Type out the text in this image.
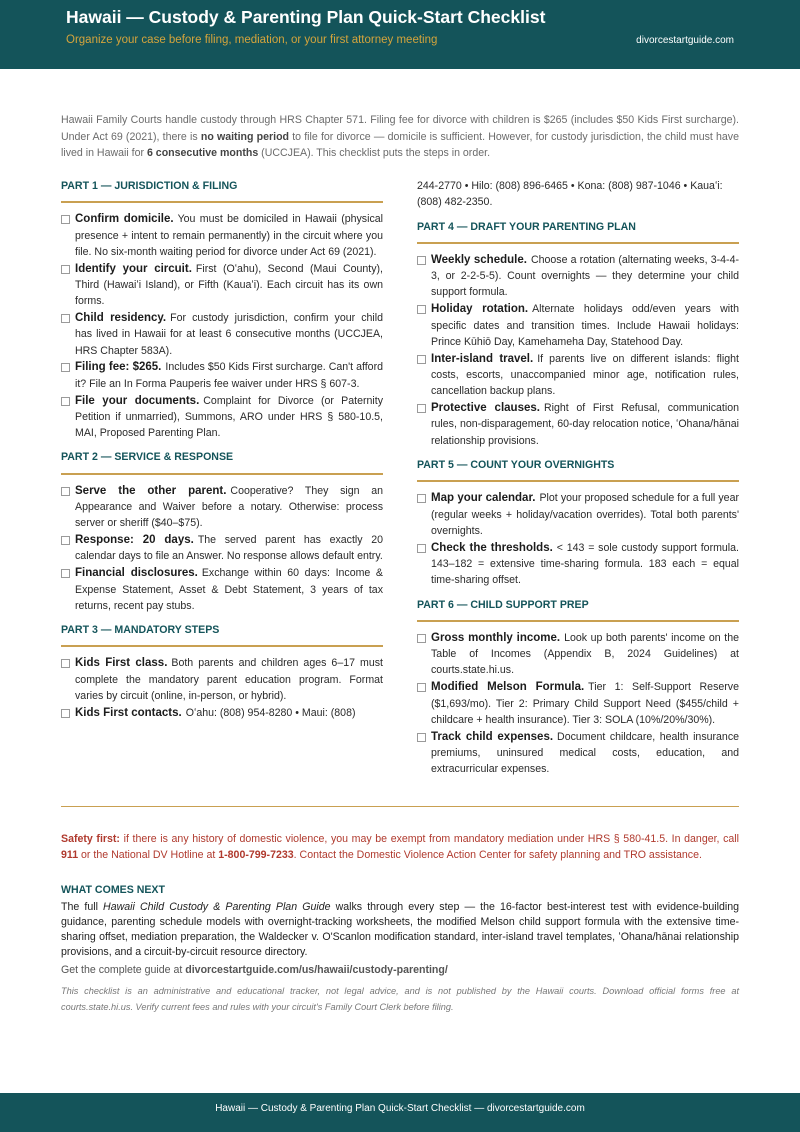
Hawaii — Custody & Parenting Plan Quick-Start Checklist
Organize your case before filing, mediation, or your first attorney meeting	divorcestartguide.com
Hawaii Family Courts handle custody through HRS Chapter 571. Filing fee for divorce with children is $265 (includes $50 Kids First surcharge). Under Act 69 (2021), there is no waiting period to file for divorce — domicile is sufficient. However, for custody jurisdiction, the child must have lived in Hawaii for 6 consecutive months (UCCJEA). This checklist puts the steps in order.
PART 1 — JURISDICTION & FILING
Confirm domicile. You must be domiciled in Hawaii (physical presence + intent to remain permanently) in the circuit where you file. No six-month waiting period for divorce under Act 69 (2021).
Identify your circuit. First (Oʻahu), Second (Maui County), Third (Hawaiʻi Island), or Fifth (Kauaʻi). Each circuit has its own forms.
Child residency. For custody jurisdiction, confirm your child has lived in Hawaii for at least 6 consecutive months (UCCJEA, HRS Chapter 583A).
Filing fee: $265. Includes $50 Kids First surcharge. Can't afford it? File an In Forma Pauperis fee waiver under HRS § 607-3.
File your documents. Complaint for Divorce (or Paternity Petition if unmarried), Summons, ARO under HRS § 580-10.5, MAI, Proposed Parenting Plan.
PART 2 — SERVICE & RESPONSE
Serve the other parent. Cooperative? They sign an Appearance and Waiver before a notary. Otherwise: process server or sheriff ($40–$75).
Response: 20 days. The served parent has exactly 20 calendar days to file an Answer. No response allows default entry.
Financial disclosures. Exchange within 60 days: Income & Expense Statement, Asset & Debt Statement, 3 years of tax returns, recent pay stubs.
PART 3 — MANDATORY STEPS
Kids First class. Both parents and children ages 6–17 must complete the mandatory parent education program. Format varies by circuit (online, in-person, or hybrid).
Kids First contacts. Oʻahu: (808) 954-8280 • Maui: (808)
244-2770 • Hilo: (808) 896-6465 • Kona: (808) 987-1046 • Kauaʻi: (808) 482-2350.
PART 4 — DRAFT YOUR PARENTING PLAN
Weekly schedule. Choose a rotation (alternating weeks, 3-4-4-3, or 2-2-5-5). Count overnights — they determine your child support formula.
Holiday rotation. Alternate holidays odd/even years with specific dates and transition times. Include Hawaii holidays: Prince Kūhiō Day, Kamehameha Day, Statehood Day.
Inter-island travel. If parents live on different islands: flight costs, escorts, unaccompanied minor age, notification rules, cancellation backup plans.
Protective clauses. Right of First Refusal, communication rules, non-disparagement, 60-day relocation notice, ʻOhana/hānai relationship provisions.
PART 5 — COUNT YOUR OVERNIGHTS
Map your calendar. Plot your proposed schedule for a full year (regular weeks + holiday/vacation overrides). Total both parents' overnights.
Check the thresholds. < 143 = sole custody support formula. 143–182 = extensive time-sharing formula. 183 each = equal time-sharing offset.
PART 6 — CHILD SUPPORT PREP
Gross monthly income. Look up both parents' income on the Table of Incomes (Appendix B, 2024 Guidelines) at courts.state.hi.us.
Modified Melson Formula. Tier 1: Self-Support Reserve ($1,693/mo). Tier 2: Primary Child Support Need ($455/child + childcare + health insurance). Tier 3: SOLA (10%/20%/30%).
Track child expenses. Document childcare, health insurance premiums, uninsured medical costs, education, and extracurricular expenses.
Safety first: if there is any history of domestic violence, you may be exempt from mandatory mediation under HRS § 580-41.5. In danger, call 911 or the National DV Hotline at 1-800-799-7233. Contact the Domestic Violence Action Center for safety planning and TRO assistance.
WHAT COMES NEXT
The full Hawaii Child Custody & Parenting Plan Guide walks through every step — the 16-factor best-interest test with evidence-building guidance, parenting schedule models with overnight-tracking worksheets, the modified Melson child support formula with the extensive time-sharing offset, mediation preparation, the Waldecker v. O'Scanlon modification standard, inter-island travel templates, ʻOhana/hānai relationship provisions, and a circuit-by-circuit resource directory.
Get the complete guide at divorcestartguide.com/us/hawaii/custody-parenting/
This checklist is an administrative and educational tracker, not legal advice, and is not published by the Hawaii courts. Download official forms free at courts.state.hi.us. Verify current fees and rules with your circuit's Family Court Clerk before filing.
Hawaii — Custody & Parenting Plan Quick-Start Checklist — divorcestartguide.com
